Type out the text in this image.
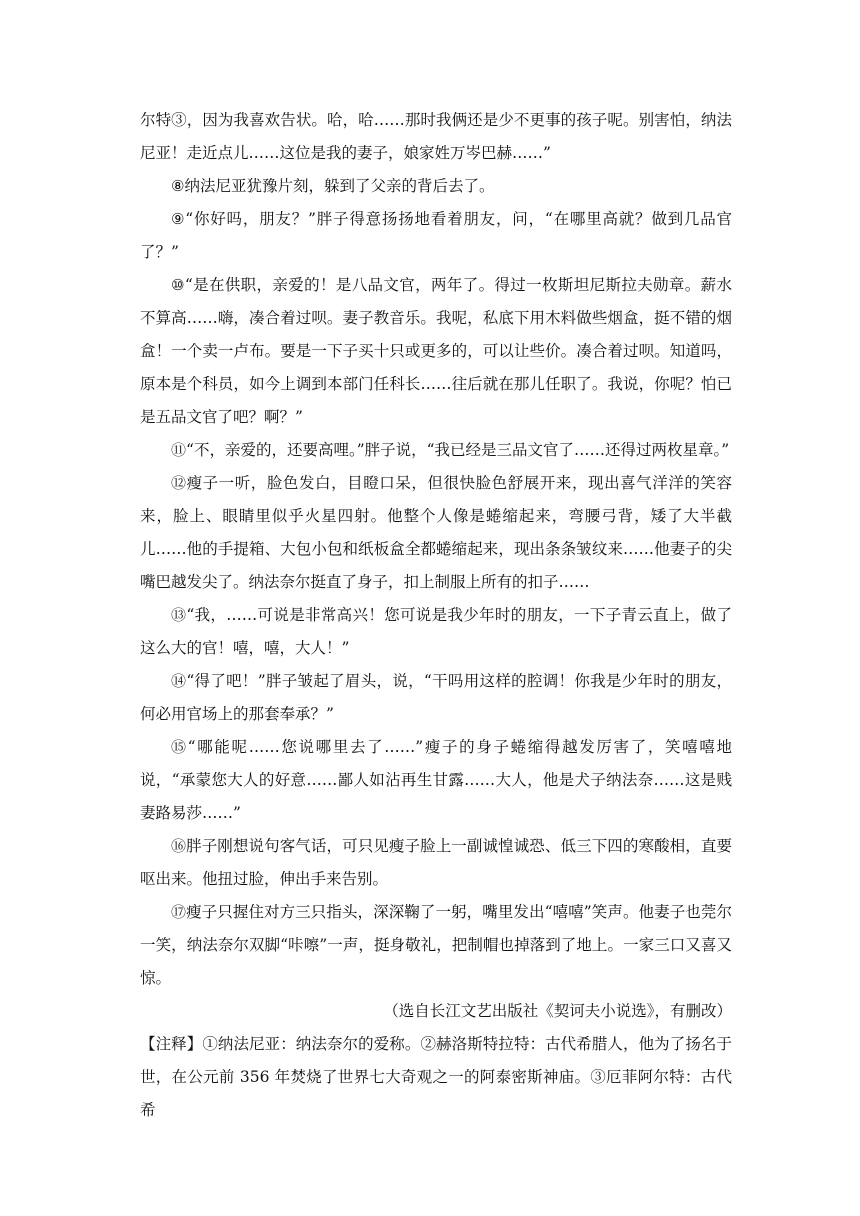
尔特③，因为我喜欢告状。哈，哈……那时我俩还是少不更事的孩子呢。别害怕，纳法尼亚！走近点儿……这位是我的妻子，娘家姓万岑巴赫……”

⑧纳法尼亚犹豫片刻，躲到了父亲的背后去了。

⑨“你好吗，朋友？”胖子得意扬扬地看着朋友，问，“在哪里高就？做到几品官了？”

⑩“是在供职，亲爱的！是八品文官，两年了。得过一枚斯坦尼斯拉夫勋章。薪水不算高……嗨，凑合着过呗。妻子教音乐。我呢，私底下用木料做些烟盒，挺不错的烟盒！一个卖一卢布。要是一下子买十只或更多的，可以让些价。凑合着过呗。知道吗，原本是个科员，如今上调到本部门任科长……往后就在那儿任职了。我说，你呢？怕已是五品文官了吧？啊？”

⑪“不，亲爱的，还要高哩。”胖子说，“我已经是三品文官了……还得过两枚星章。”

⑫瘦子一听，脸色发白，目瞪口呆，但很快脸色舒展开来，现出喜气洋洋的笑容来，脸上、眼睛里似乎火星四射。他整个人像是蜷缩起来，弯腰弓背，矮了大半截儿……他的手提箱、大包小包和纸板盒全都蜷缩起来，现出条条皱纹来……他妻子的尖嘴巴越发尖了。纳法奈尔挺直了身子，扣上制服上所有的扣子……

⑬“我，……可说是非常高兴！您可说是我少年时的朋友，一下子青云直上，做了这么大的官！嘻，嘻，大人！”

⑭“得了吧！”胖子皱起了眉头，说，“干吗用这样的腔调！你我是少年时的朋友，何必用官场上的那套奉承？”

⑮“哪能呢……您说哪里去了……”瘦子的身子蜷缩得越发厉害了，笑嘻嘻地说，“承蒙您大人的好意……鄙人如沾再生甘露……大人，他是犬子纳法奈……这是贱妻路易莎……”

⑯胖子刚想说句客气话，可只见瘦子脸上一副诚惶诚恐、低三下四的寒酸相，直要呕出来。他扭过脸，伸出手来告别。

⑰瘦子只握住对方三只指头，深深鞠了一躬，嘴里发出“嘻嘻”笑声。他妻子也莞尔一笑，纳法奈尔双脚“咔嚓”一声，挺身敬礼，把制帽也掉落到了地上。一家三口又喜又惊。

（选自长江文艺出版社《契诃夫小说选》，有删改）

【注释】①纳法尼亚：纳法奈尔的爱称。②赫洛斯特拉特：古代希腊人，他为了扬名于世，在公元前 356 年焚烧了世界七大奇观之一的阿泰密斯神庙。③厄菲阿尔特：古代希
